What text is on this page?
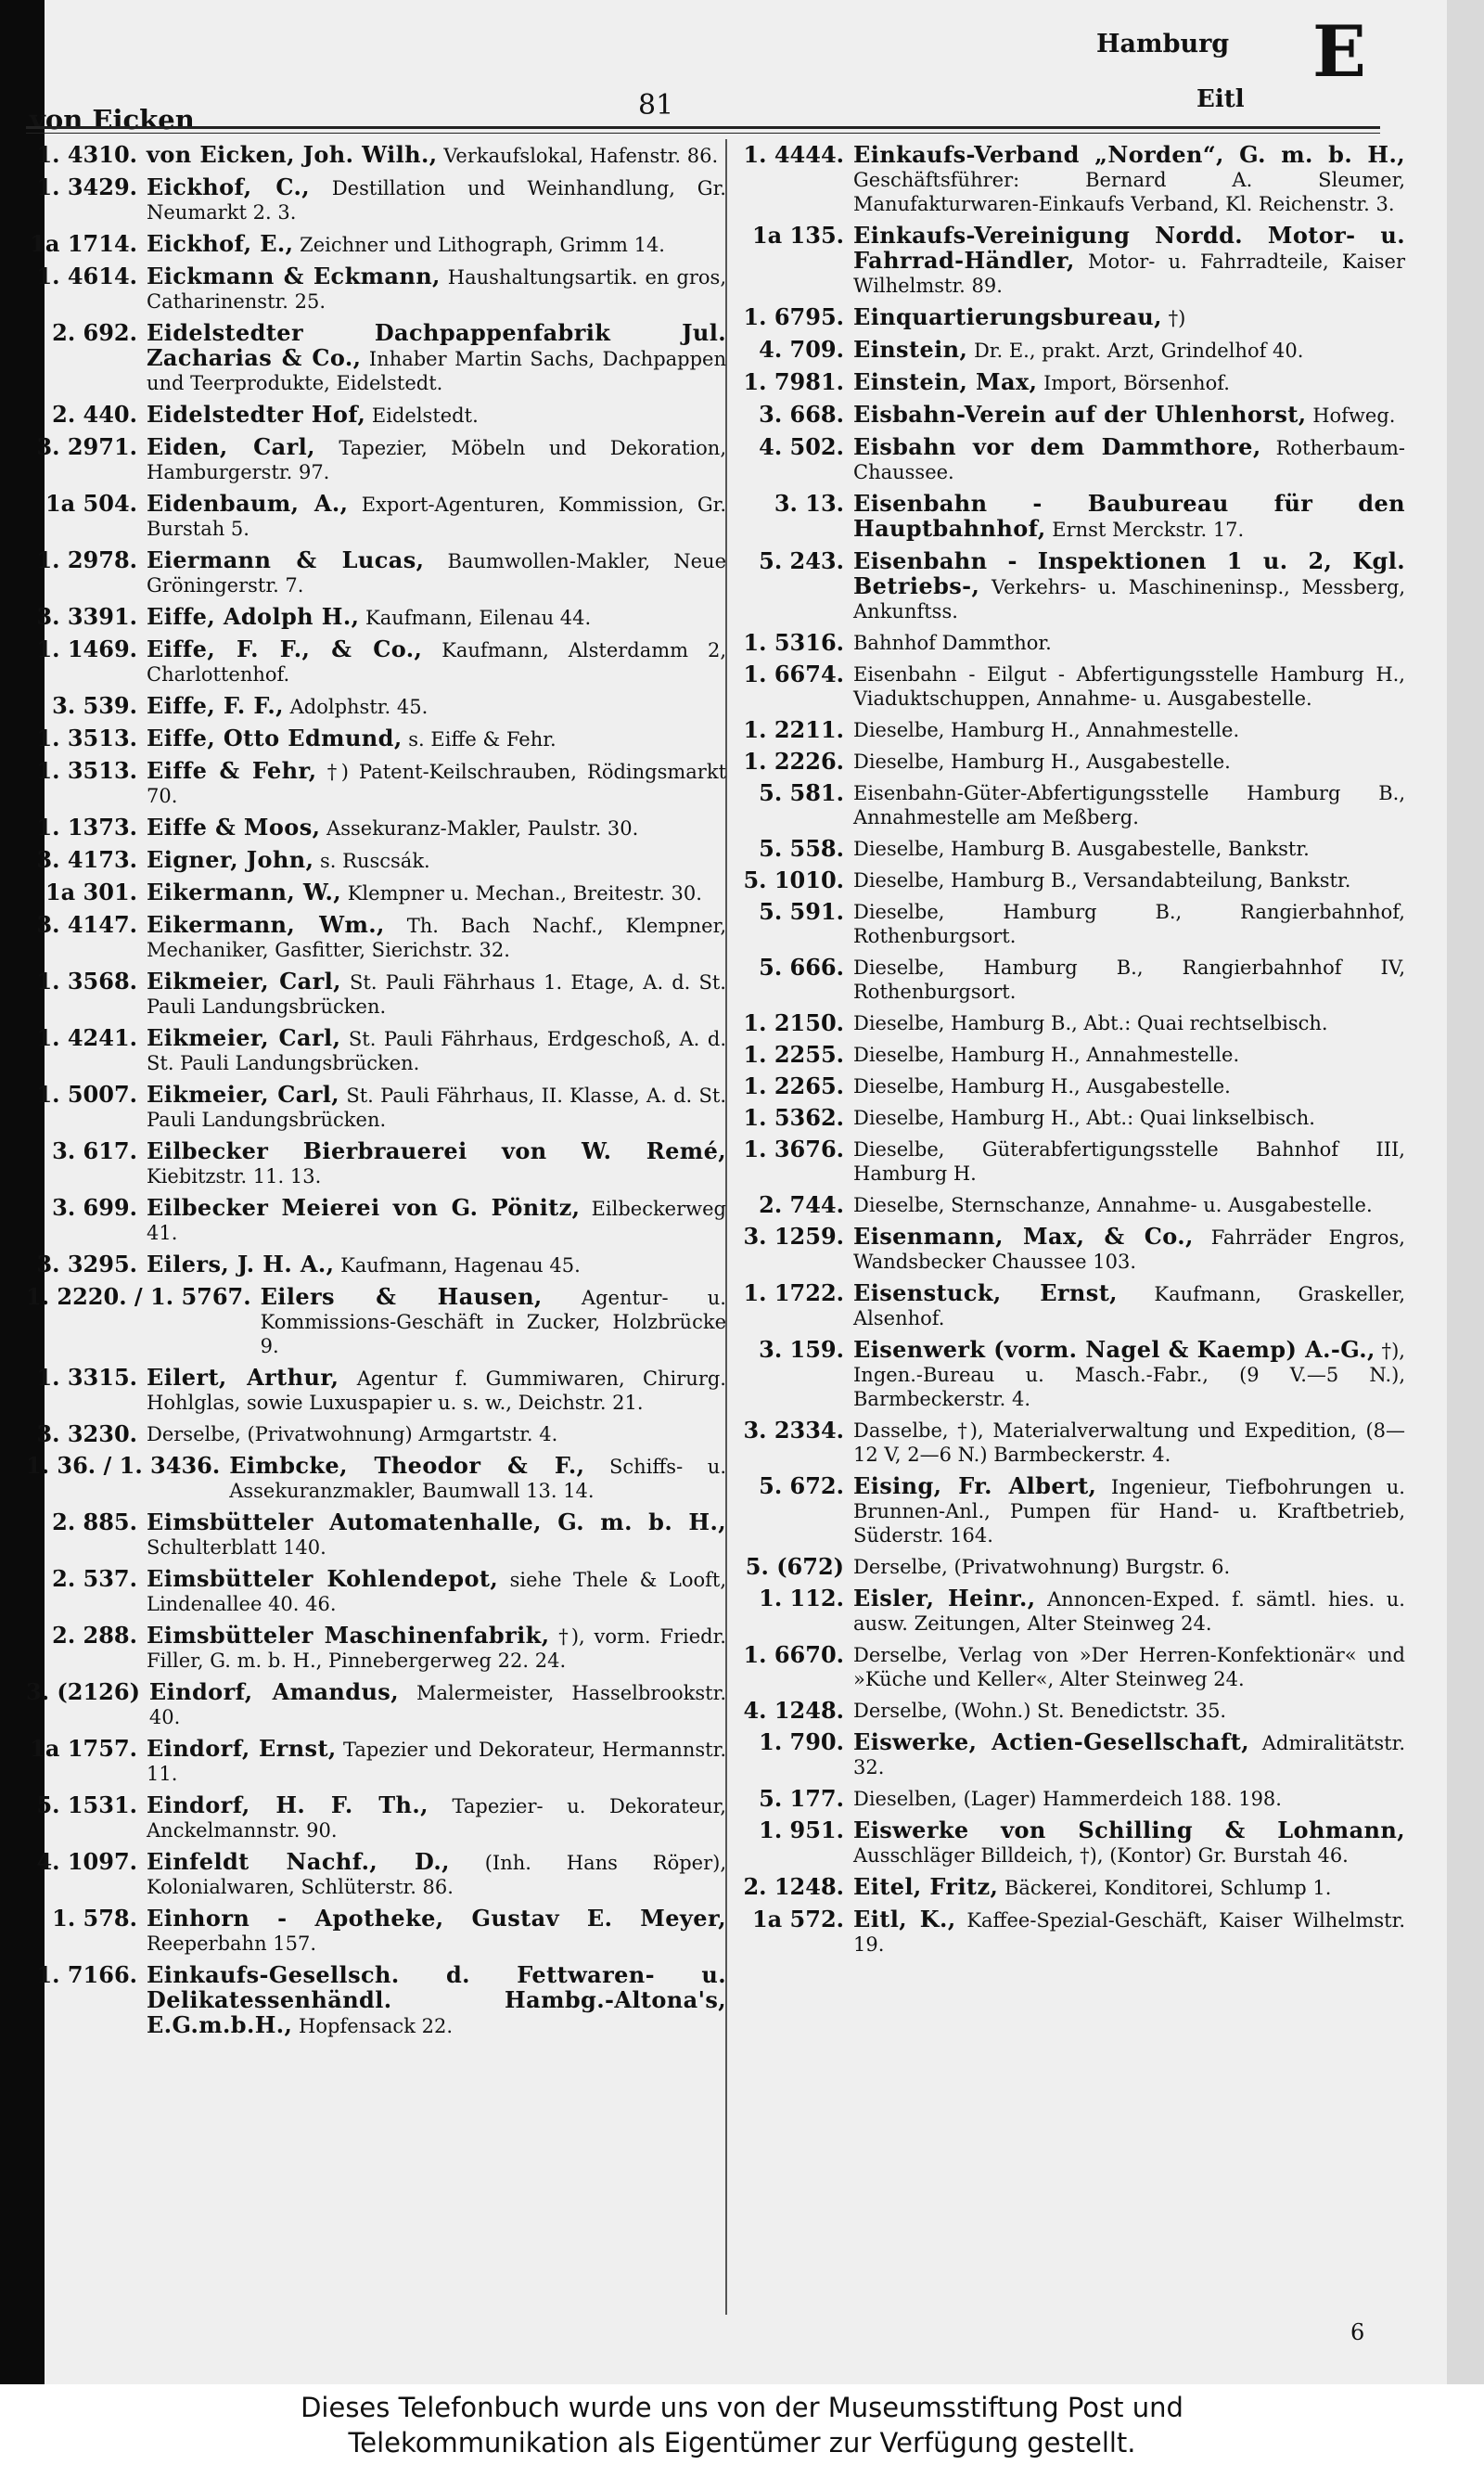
von Eicken	81
Hamburg
Eitl
E
1. 4310. von Eicken, Joh. Wilh., Verkaufslokal, Hafenstr. 86.
1. 3429. Eickhof, C., Destillation und Weinhandlung, Gr. Neumarkt 2. 3.
1a 1714. Eickhof, E., Zeichner und Lithograph, Grimm 14.
1. 4614. Eickmann & Eckmann, Haushaltungsartik. en gros, Catharinenstr. 25.
2. 692. Eidelstedter Dachpappenfabrik Jul. Zacharias & Co., Inhaber Martin Sachs, Dachpappen und Teerprodukte, Eidelstedt.
2. 440. Eidelstedter Hof, Eidelstedt.
3. 2971. Eiden, Carl, Tapezier, Möbeln und Dekoration, Hamburgerstr. 97.
1a 504. Eidenbaum, A., Export-Agenturen, Kommission, Gr. Burstah 5.
1. 2978. Eiermann & Lucas, Baumwollen-Makler, Neue Gröningerstr. 7.
3. 3391. Eiffe, Adolph H., Kaufmann, Eilenau 44.
1. 1469. Eiffe, F. F., & Co., Kaufmann, Alsterdamm 2, Charlottenhof.
3. 539. Eiffe, F. F., Adolphstr. 45.
1. 3513. Eiffe, Otto Edmund, s. Eiffe & Fehr.
1. 3513. Eiffe & Fehr, †) Patent-Keilschrauben, Rödingsmarkt 70.
1. 1373. Eiffe & Moos, Assekuranz-Makler, Paulstr. 30.
3. 4173. Eigner, John, s. Ruscsák.
1a 301. Eikermann, W., Klempner u. Mechan., Breitestr. 30.
3. 4147. Eikermann, Wm., Th. Bach Nachf., Klempner, Mechaniker, Gasfitter, Sierichstr. 32.
1. 3568. Eikmeier, Carl, St. Pauli Fährhaus 1. Etage, A. d. St. Pauli Landungsbrücken.
1. 4241. Eikmeier, Carl, St. Pauli Fährhaus, Erdgeschoß, A. d. St. Pauli Landungsbrücken.
1. 5007. Eikmeier, Carl, St. Pauli Fährhaus, II. Klasse, A. d. St. Pauli Landungsbrücken.
3. 617. Eilbecker Bierbrauerei von W. Remé, Kiebitzstr. 11. 13.
3. 699. Eilbecker Meierei von G. Pönitz, Eilbeckerweg 41.
3. 3295. Eilers, J. H. A., Kaufmann, Hagenau 45.
1. 2220. / 1. 5767. Eilers & Hausen, Agentur- u. Kommissions-Geschäft in Zucker, Holzbrücke 9.
1. 3315. Eilert, Arthur, Agentur f. Gummiwaren, Chirurg. Hohlglas, sowie Luxuspapier u. s. w., Deichstr. 21.
3. 3230. Derselbe, (Privatwohnung) Armgartstr. 4.
1. 36. / 1. 3436. Eimbcke, Theodor & F., Schiffs- u. Assekuranzmakler, Baumwall 13. 14.
2. 885. Eimsbütteler Automatenhalle, G. m. b. H., Schulterblatt 140.
2. 537. Eimsbütteler Kohlendepot, siehe Thele & Looft, Lindenallee 40. 46.
2. 288. Eimsbütteler Maschinenfabrik, †), vorm. Friedr. Filler, G. m. b. H., Pinnebergerweg 22. 24.
3. (2126) Eindorf, Amandus, Malermeister, Hasselbrookstr. 40.
1a 1757. Eindorf, Ernst, Tapezier und Dekorateur, Hermannstr. 11.
5. 1531. Eindorf, H. F. Th., Tapezier- u. Dekorateur, Anckelmannstr. 90.
4. 1097. Einfeldt Nachf., D., (Inh. Hans Röper), Kolonialwaren, Schlüterstr. 86.
1. 578. Einhorn - Apotheke, Gustav E. Meyer, Reeperbahn 157.
1. 7166. Einkaufs-Gesellsch. d. Fettwaren- u. Delikatessenhändl. Hambg.-Altona's, E.G.m.b.H., Hopfensack 22.
1. 4444. Einkaufs-Verband „Norden“, G. m. b. H., Geschäftsführer: Bernard A. Sleumer, Manufakturwaren-Einkaufs Verband, Kl. Reichenstr. 3.
1a 135. Einkaufs-Vereinigung Nordd. Motor- u. Fahrrad-Händler, Motor- u. Fahrradteile, Kaiser Wilhelmstr. 89.
1. 6795. Einquartierungsbureau, †)
4. 709. Einstein, Dr. E., prakt. Arzt, Grindelhof 40.
1. 7981. Einstein, Max, Import, Börsenhof.
3. 668. Eisbahn-Verein auf der Uhlenhorst, Hofweg.
4. 502. Eisbahn vor dem Dammthore, Rotherbaum-Chaussee.
3. 13. Eisenbahn - Baubureau für den Hauptbahnhof, Ernst Merckstr. 17.
5. 243. Eisenbahn - Inspektionen 1 u. 2, Kgl. Betriebs-, Verkehrs- u. Maschineninsp., Messberg, Ankunftss.
1. 5316. Bahnhof Dammthor.
1. 6674. Eisenbahn - Eilgut - Abfertigungsstelle Hamburg H., Viaduktschuppen, Annahme- u. Ausgabestelle.
1. 2211. Dieselbe, Hamburg H., Annahmestelle.
1. 2226. Dieselbe, Hamburg H., Ausgabestelle.
5. 581. Eisenbahn-Güter-Abfertigungsstelle Hamburg B., Annahmestelle am Meßberg.
5. 558. Dieselbe, Hamburg B. Ausgabestelle, Bankstr.
5. 1010. Dieselbe, Hamburg B., Versandabteilung, Bankstr.
5. 591. Dieselbe,	Hamburg B., Rangierbahnhof, Rothenburgsort.
5. 666. Dieselbe, Hamburg B., Rangierbahnhof IV, Rothenburgsort.
1. 2150. Dieselbe, Hamburg B., Abt.: Quai rechtselbisch.
1. 2255. Dieselbe, Hamburg H., Annahmestelle.
1. 2265. Dieselbe, Hamburg H., Ausgabestelle.
1. 5362. Dieselbe, Hamburg H., Abt.: Quai linkselbisch.
1. 3676. Dieselbe, Güterabfertigungsstelle Bahnhof III, Hamburg H.
2. 744. Dieselbe, Sternschanze, Annahme- u. Ausgabestelle.
3. 1259. Eisenmann, Max, & Co., Fahrräder Engros, Wandsbecker Chaussee 103.
1. 1722. Eisenstuck, Ernst, Kaufmann, Graskeller, Alsenhof.
3. 159. Eisenwerk (vorm. Nagel & Kaemp) A.-G., †), Ingen.-Bureau u. Masch.-Fabr., (9 V.—5 N.), Barmbeckerstr. 4.
3. 2334. Dasselbe, †), Materialverwaltung und Expedition, (8—12 V, 2—6 N.) Barmbeckerstr. 4.
5. 672. Eising, Fr. Albert, Ingenieur, Tiefbohrungen u. Brunnen-Anl., Pumpen für Hand- u. Kraftbetrieb, Süderstr. 164.
5. (672) Derselbe, (Privatwohnung) Burgstr. 6.
1. 112. Eisler, Heinr., Annoncen-Exped. f. sämtl. hies. u. ausw. Zeitungen, Alter Steinweg 24.
1. 6670. Derselbe, Verlag von »Der Herren-Konfektionär« und »Küche und Keller«, Alter Steinweg 24.
4. 1248. Derselbe, (Wohn.) St. Benedictstr. 35.
1. 790. Eiswerke, Actien-Gesellschaft, Admiralitätstr. 32.
5. 177. Dieselben, (Lager) Hammerdeich 188. 198.
1. 951. Eiswerke von Schilling & Lohmann, Ausschläger Billdeich, †), (Kontor) Gr. Burstah 46.
2. 1248. Eitel, Fritz, Bäckerei, Konditorei, Schlump 1.
1a 572. Eitl, K., Kaffee-Spezial-Geschäft, Kaiser Wilhelmstr. 19.
6
Dieses Telefonbuch wurde uns von der Museumsstiftung Post und
Telekommunikation als Eigentümer zur Verfügung gestellt.
